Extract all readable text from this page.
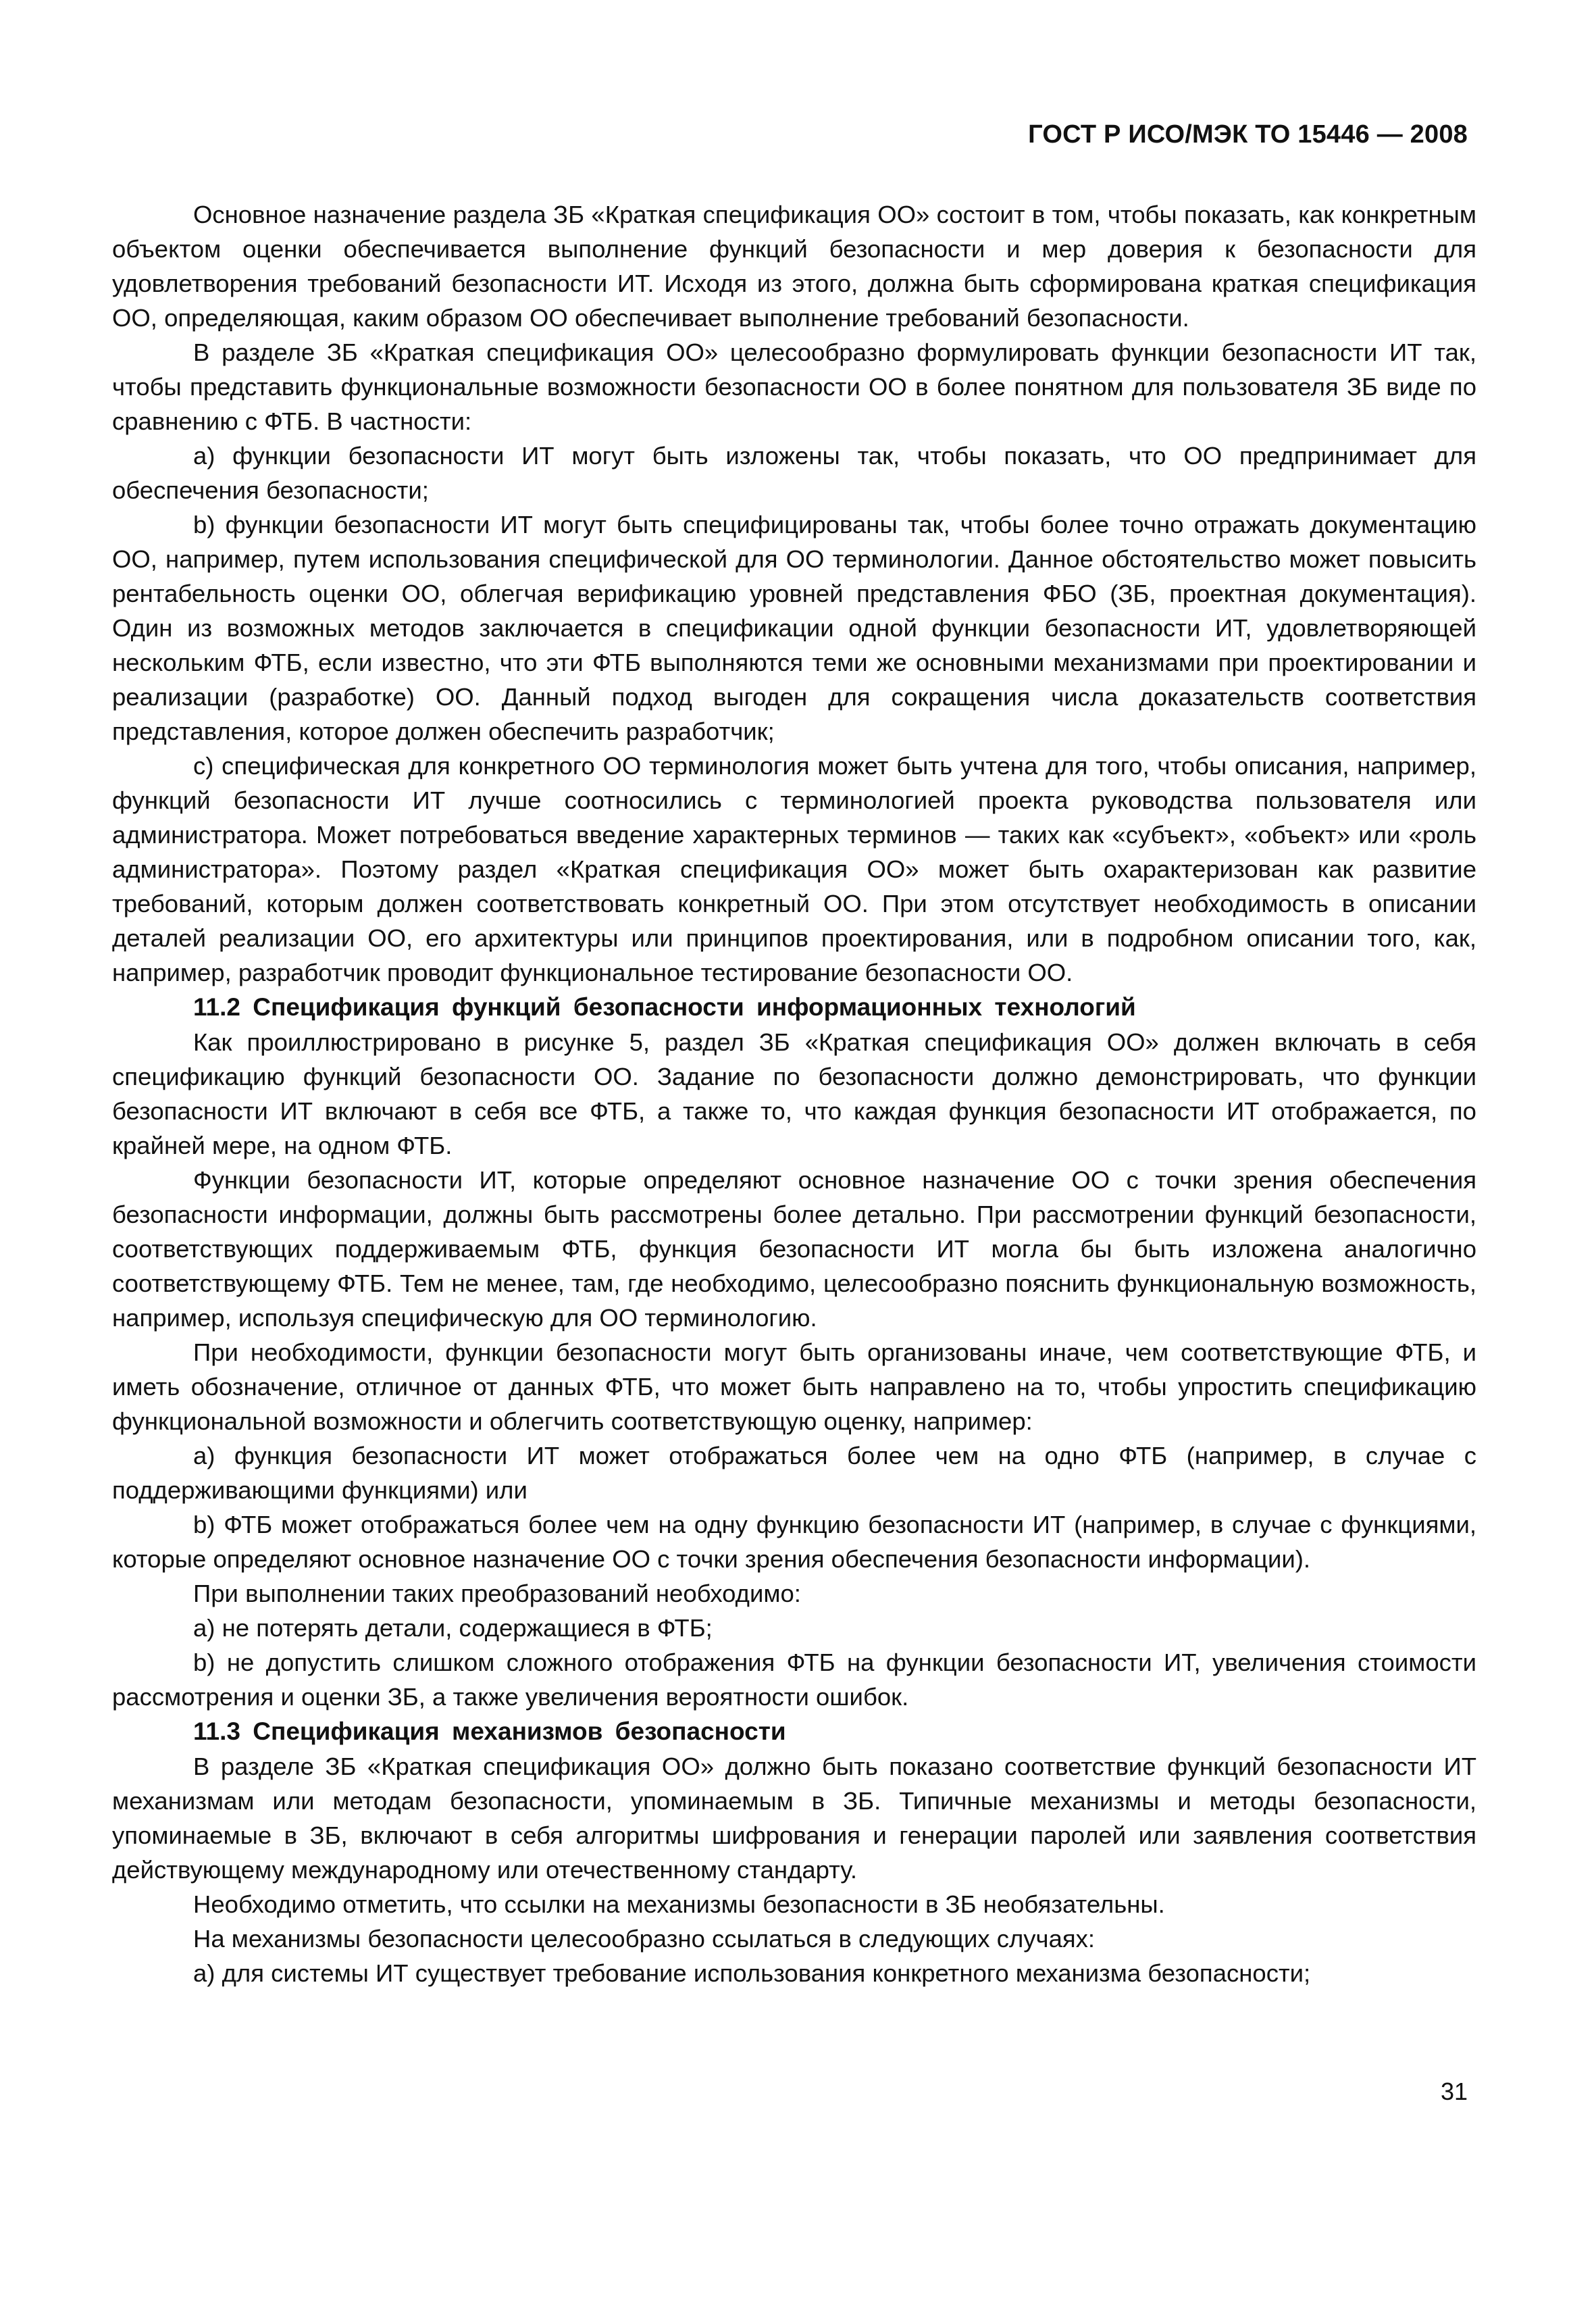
ГОСТ Р ИСО/МЭК ТО 15446 — 2008

Основное назначение раздела ЗБ «Краткая спецификация ОО» состоит в том, чтобы показать, как конкретным объектом оценки обеспечивается выполнение функций безопасности и мер доверия к безопасности для удовлетворения требований безопасности ИТ. Исходя из этого, должна быть сформирована краткая спецификация ОО, определяющая, каким образом ОО обеспечивает выполнение требований безопасности.

В разделе ЗБ «Краткая спецификация ОО» целесообразно формулировать функции безопасности ИТ так, чтобы представить функциональные возможности безопасности ОО в более понятном для пользователя ЗБ виде по сравнению с ФТБ. В частности:

a) функции безопасности ИТ могут быть изложены так, чтобы показать, что ОО предпринимает для обеспечения безопасности;

b) функции безопасности ИТ могут быть специфицированы так, чтобы более точно отражать документацию ОО, например, путем использования специфической для ОО терминологии. Данное обстоятельство может повысить рентабельность оценки ОО, облегчая верификацию уровней представления ФБО (ЗБ, проектная документация). Один из возможных методов заключается в спецификации одной функции безопасности ИТ, удовлетворяющей нескольким ФТБ, если известно, что эти ФТБ выполняются теми же основными механизмами при проектировании и реализации (разработке) ОО. Данный подход выгоден для сокращения числа доказательств соответствия представления, которое должен обеспечить разработчик;

c) специфическая для конкретного ОО терминология может быть учтена для того, чтобы описания, например, функций безопасности ИТ лучше соотносились с терминологией проекта руководства пользователя или администратора. Может потребоваться введение характерных терминов — таких как «субъект», «объект» или «роль администратора». Поэтому раздел «Краткая спецификация ОО» может быть охарактеризован как развитие требований, которым должен соответствовать конкретный ОО. При этом отсутствует необходимость в описании деталей реализации ОО, его архитектуры или принципов проектирования, или в подробном описании того, как, например, разработчик проводит функциональное тестирование безопасности ОО.

11.2 Спецификация функций безопасности информационных технологий

Как проиллюстрировано в рисунке 5, раздел ЗБ «Краткая спецификация ОО» должен включать в себя спецификацию функций безопасности ОО. Задание по безопасности должно демонстрировать, что функции безопасности ИТ включают в себя все ФТБ, а также то, что каждая функция безопасности ИТ отображается, по крайней мере, на одном ФТБ.

Функции безопасности ИТ, которые определяют основное назначение ОО с точки зрения обеспечения безопасности информации, должны быть рассмотрены более детально. При рассмотрении функций безопасности, соответствующих поддерживаемым ФТБ, функция безопасности ИТ могла бы быть изложена аналогично соответствующему ФТБ. Тем не менее, там, где необходимо, целесообразно пояснить функциональную возможность, например, используя специфическую для ОО терминологию.

При необходимости, функции безопасности могут быть организованы иначе, чем соответствующие ФТБ, и иметь обозначение, отличное от данных ФТБ, что может быть направлено на то, чтобы упростить спецификацию функциональной возможности и облегчить соответствующую оценку, например:

a) функция безопасности ИТ может отображаться более чем на одно ФТБ (например, в случае с поддерживающими функциями) или

b) ФТБ может отображаться более чем на одну функцию безопасности ИТ (например, в случае с функциями, которые определяют основное назначение ОО с точки зрения обеспечения безопасности информации).

При выполнении таких преобразований необходимо:

a) не потерять детали, содержащиеся в ФТБ;

b) не допустить слишком сложного отображения ФТБ на функции безопасности ИТ, увеличения стоимости рассмотрения и оценки ЗБ, а также увеличения вероятности ошибок.

11.3 Спецификация механизмов безопасности

В разделе ЗБ «Краткая спецификация ОО» должно быть показано соответствие функций безопасности ИТ механизмам или методам безопасности, упоминаемым в ЗБ. Типичные механизмы и методы безопасности, упоминаемые в ЗБ, включают в себя алгоритмы шифрования и генерации паролей или заявления соответствия действующему международному или отечественному стандарту.

Необходимо отметить, что ссылки на механизмы безопасности в ЗБ необязательны.

На механизмы безопасности целесообразно ссылаться в следующих случаях:

a) для системы ИТ существует требование использования конкретного механизма безопасности;

31
